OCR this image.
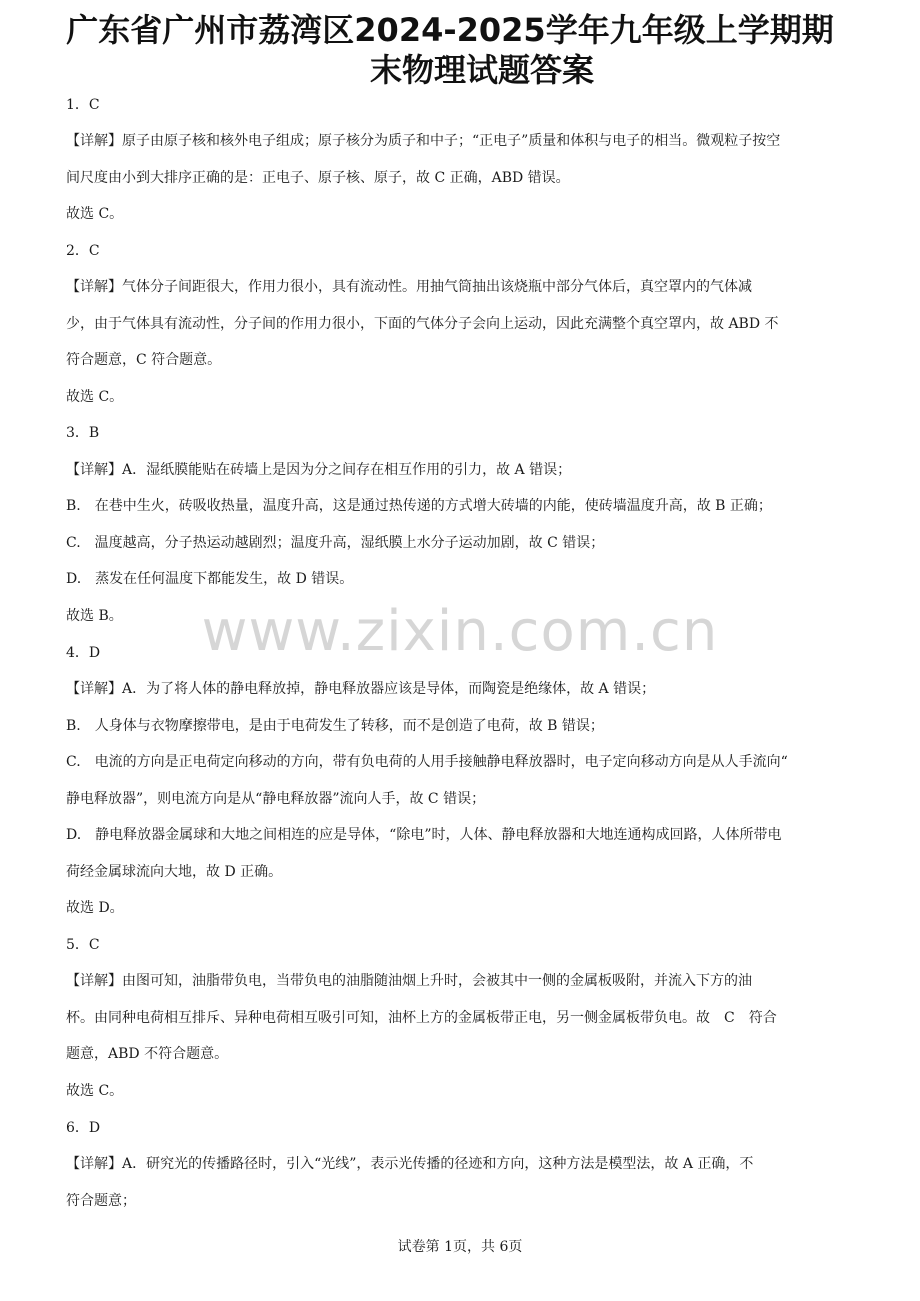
广东省广州市荔湾区2024-2025学年九年级上学期期
末物理试题答案
1．C
【详解】原子由原子核和核外电子组成；原子核分为质子和中子；“正电子”质量和体积与电子的相当。微观粒子按空
间尺度由小到大排序正确的是：正电子、原子核、原子，故 C 正确，ABD 错误。
故选 C。
2．C
【详解】气体分子间距很大，作用力很小，具有流动性。用抽气筒抽出该烧瓶中部分气体后，真空罩内的气体减
少，由于气体具有流动性，分子间的作用力很小，下面的气体分子会向上运动，因此充满整个真空罩内，故 ABD 不
符合题意，C 符合题意。
故选 C。
3．B
【详解】A．湿纸膜能贴在砖墙上是因为分之间存在相互作用的引力，故 A 错误；
B.　在巷中生火，砖吸收热量，温度升高，这是通过热传递的方式增大砖墙的内能，使砖墙温度升高，故 B 正确；
C.　温度越高，分子热运动越剧烈；温度升高，湿纸膜上水分子运动加剧，故 C 错误；
D.　蒸发在任何温度下都能发生，故 D 错误。
故选 B。
4．D
【详解】A．为了将人体的静电释放掉，静电释放器应该是导体，而陶瓷是绝缘体，故 A 错误；
B.　人身体与衣物摩擦带电，是由于电荷发生了转移，而不是创造了电荷，故 B 错误；
C.　电流的方向是正电荷定向移动的方向，带有负电荷的人用手接触静电释放器时，电子定向移动方向是从人手流向“
静电释放器”，则电流方向是从“静电释放器”流向人手，故 C 错误；
D.　静电释放器金属球和大地之间相连的应是导体，“除电”时，人体、静电释放器和大地连通构成回路，人体所带电
荷经金属球流向大地，故 D 正确。
故选 D。
5．C
【详解】由图可知，油脂带负电，当带负电的油脂随油烟上升时，会被其中一侧的金属板吸附，并流入下方的油
杯。由同种电荷相互排斥、异种电荷相互吸引可知，油杯上方的金属板带正电，另一侧金属板带负电。故　C　符合
题意，ABD 不符合题意。
故选 C。
6．D
【详解】A．研究光的传播路径时，引入“光线”，表示光传播的径迹和方向，这种方法是模型法，故 A 正确，不
符合题意；
www.zixin.com.cn
试卷第 1页，共 6页
